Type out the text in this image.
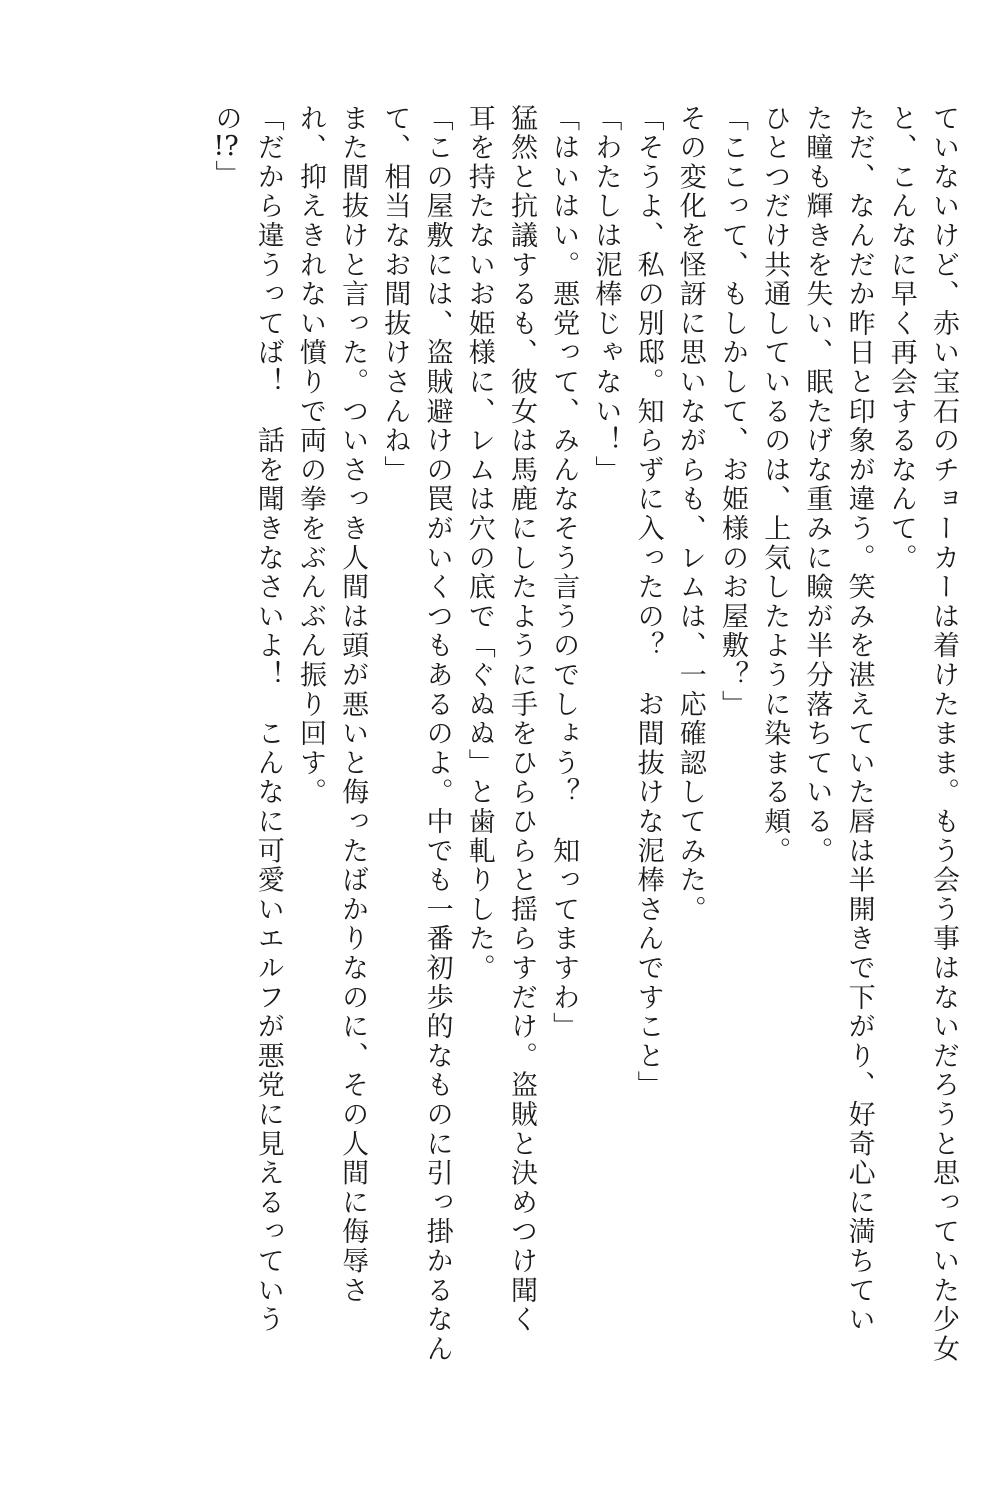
ていないけど、赤い宝石のチョーカーは着けたまま。もう会う事はないだろうと思っていた少女
と、こんなに早く再会するなんて。
ただ、なんだか昨日と印象が違う。笑みを湛えていた唇は半開きで下がり、好奇心に満ちてい
た瞳も輝きを失い、眠たげな重みに瞼が半分落ちている。
ひとつだけ共通しているのは、上気したように染まる頬。
「ここって、もしかして、お姫様のお屋敷？」
その変化を怪訝に思いながらも、レムは、一応確認してみた。
「そうよ、私の別邸。知らずに入ったの？　お間抜けな泥棒さんですこと」
「わたしは泥棒じゃない！」
「はいはい。悪党って、みんなそう言うのでしょう？　知ってますわ」
猛然と抗議するも、彼女は馬鹿にしたように手をひらひらと揺らすだけ。盗賊と決めつけ聞く
耳を持たないお姫様に、レムは穴の底で「ぐぬぬ」と歯軋りした。
「この屋敷には、盗賊避けの罠がいくつもあるのよ。中でも一番初歩的なものに引っ掛かるなん
て、相当なお間抜けさんね」
また間抜けと言った。ついさっき人間は頭が悪いと侮ったばかりなのに、その人間に侮辱さ
れ、抑えきれない憤りで両の拳をぶんぶん振り回す。
「だから違うってば！　話を聞きなさいよ！　こんなに可愛いエルフが悪党に見えるっていう
の!?」
